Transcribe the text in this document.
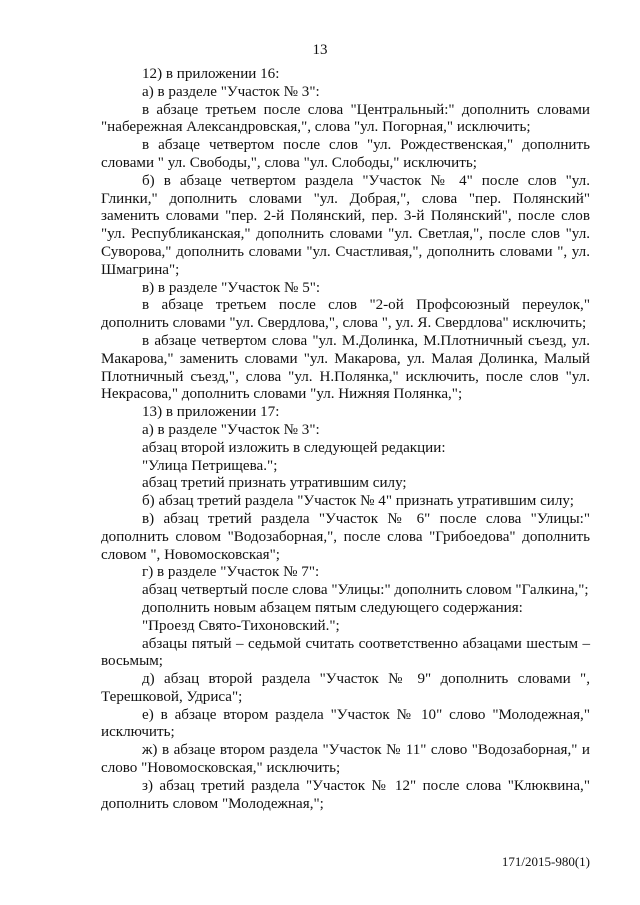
13

12) в приложении 16:

а) в разделе "Участок № 3":

в абзаце третьем после слова "Центральный:" дополнить словами "набережная Александровская,", слова "ул. Погорная," исключить;

в абзаце четвертом после слов "ул. Рождественская," дополнить словами " ул. Свободы,", слова "ул. Слободы," исключить;

б) в абзаце четвертом раздела "Участок № 4" после слов "ул. Глинки," дополнить словами "ул. Добрая,", слова "пер. Полянский" заменить словами "пер. 2-й Полянский, пер. 3-й Полянский", после слов "ул. Республиканская," дополнить словами "ул. Светлая,", после слов "ул. Суворова," дополнить словами "ул. Счастливая,", дополнить словами ", ул. Шмагрина";

в) в разделе "Участок № 5":

в абзаце третьем после слов "2-ой Профсоюзный переулок," дополнить словами "ул. Свердлова,", слова ", ул. Я. Свердлова" исключить;

в абзаце четвертом слова "ул. М.Долинка, М.Плотничный съезд, ул. Макарова," заменить словами "ул. Макарова, ул. Малая Долинка, Малый Плотничный съезд,", слова "ул. Н.Полянка," исключить, после слов "ул. Некрасова," дополнить словами "ул. Нижняя Полянка,";

13) в приложении 17:

а) в разделе "Участок № 3":

абзац второй изложить в следующей редакции:

"Улица Петрищева.";

абзац третий признать утратившим силу;

б) абзац третий раздела "Участок № 4" признать утратившим силу;

в) абзац третий раздела "Участок № 6" после слова "Улицы:" дополнить словом "Водозаборная,", после слова "Грибоедова" дополнить словом ", Новомосковская";

г) в разделе "Участок № 7":

абзац четвертый после слова "Улицы:" дополнить словом "Галкина,";

дополнить новым абзацем пятым следующего содержания:

"Проезд Свято-Тихоновский.";

абзацы пятый – седьмой считать соответственно абзацами шестым – восьмым;

д) абзац второй раздела "Участок № 9" дополнить словами ", Терешковой, Удриса";

е) в абзаце втором раздела "Участок № 10" слово "Молодежная," исключить;

ж) в абзаце втором раздела "Участок № 11" слово "Водозаборная," и слово "Новомосковская," исключить;

з) абзац третий раздела "Участок № 12" после слова "Клюквина," дополнить словом "Молодежная,";

171/2015-980(1)
